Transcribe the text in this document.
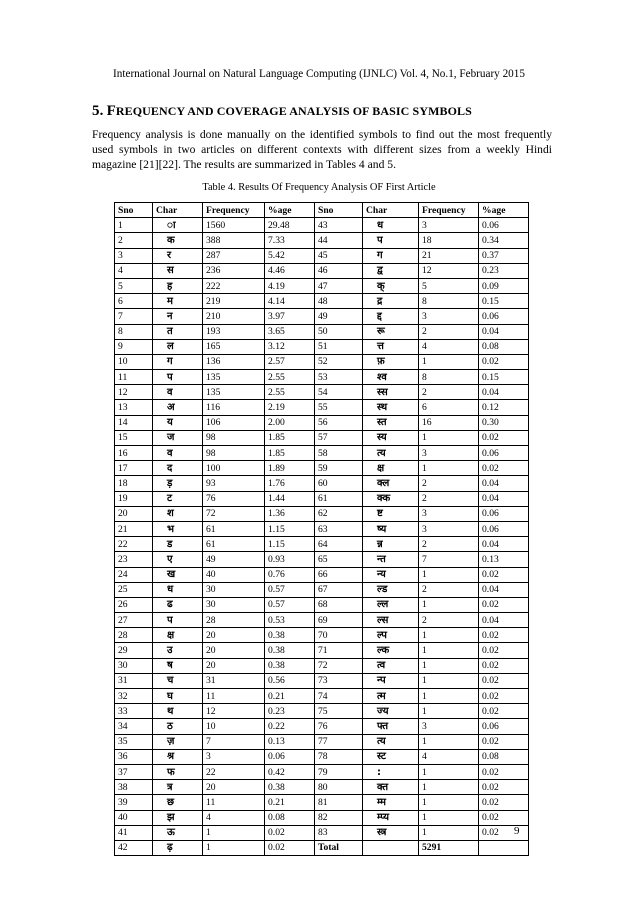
International Journal on Natural Language Computing (IJNLC) Vol. 4, No.1, February 2015
5. FREQUENCY AND COVERAGE ANALYSIS OF BASIC SYMBOLS
Frequency analysis is done manually on the identified symbols to find out the most frequently used symbols in two articles on different contexts with different sizes from a weekly Hindi magazine [21][22]. The results are summarized in Tables 4 and 5.
Table 4. Results Of Frequency Analysis OF First Article
Sno	Char	Frequency	%age	Sno	Char	Frequency	%age
1	ा	1560	29.48	43	ध	3	0.06
2	क	388	7.33	44	प	18	0.34
3	र	287	5.42	45	ग	21	0.37
4	स	236	4.46	46	द्व	12	0.23
5	ह	222	4.19	47	क्	5	0.09
6	म	219	4.14	48	द्र	8	0.15
7	न	210	3.97	49	द्द	3	0.06
8	त	193	3.65	50	रू	2	0.04
9	ल	165	3.12	51	त्त	4	0.08
10	ग	136	2.57	52	फ़	1	0.02
11	प	135	2.55	53	श्व	8	0.15
12	व	135	2.55	54	स्स	2	0.04
13	अ	116	2.19	55	स्थ	6	0.12
14	य	106	2.00	56	स्त	16	0.30
15	ज	98	1.85	57	स्य	1	0.02
16	व	98	1.85	58	त्य	3	0.06
17	द	100	1.89	59	क्ष	1	0.02
18	ड़	93	1.76	60	क्ल	2	0.04
19	ट	76	1.44	61	क्क	2	0.04
20	श	72	1.36	62	ष्ट	3	0.06
21	भ	61	1.15	63	ष्य	3	0.06
22	ड	61	1.15	64	न्न	2	0.04
23	ए	49	0.93	65	न्त	7	0.13
24	ख	40	0.76	66	न्य	1	0.02
25	ध	30	0.57	67	ल्ड	2	0.04
26	ढ	30	0.57	68	ल्ल	1	0.02
27	प	28	0.53	69	ल्स	2	0.04
28	क्ष	20	0.38	70	ल्प	1	0.02
29	उ	20	0.38	71	ल्क	1	0.02
30	ष	20	0.38	72	त्व	1	0.02
31	च	31	0.56	73	न्प	1	0.02
32	घ	11	0.21	74	त्म	1	0.02
33	थ	12	0.23	75	ज्य	1	0.02
34	ठ	10	0.22	76	फ्त	3	0.06
35	ज़	7	0.13	77	त्य	1	0.02
36	श्र	3	0.06	78	स्ट	4	0.08
37	फ	22	0.42	79	:	1	0.02
38	त्र	20	0.38	80	क्त	1	0.02
39	छ	11	0.21	81	म्म	1	0.02
40	झ	4	0.08	82	म्प्य	1	0.02
41	ऊ	1	0.02	83	स्त्र	1	0.02
42	ढ़	1	0.02	Total		5291	
9
